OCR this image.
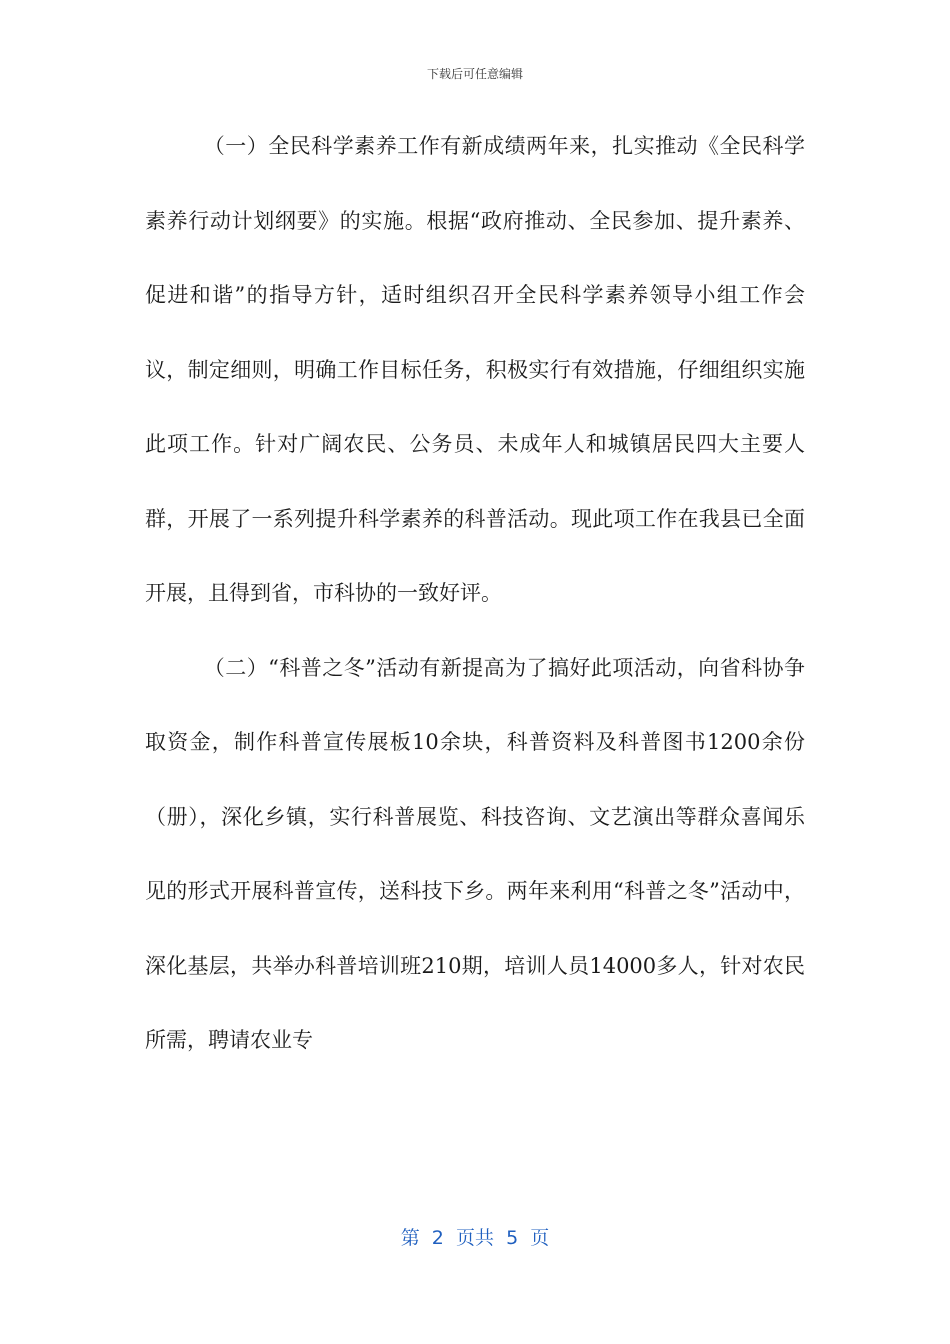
下载后可任意编辑

（一）全民科学素养工作有新成绩两年来，扎实推动《全民科学素养行动计划纲要》的实施。根据“政府推动、全民参加、提升素养、促进和谐”的指导方针，适时组织召开全民科学素养领导小组工作会议，制定细则，明确工作目标任务，积极实行有效措施，仔细组织实施此项工作。针对广阔农民、公务员、未成年人和城镇居民四大主要人群，开展了一系列提升科学素养的科普活动。现此项工作在我县已全面开展，且得到省，市科协的一致好评。

（二）“科普之冬”活动有新提高为了搞好此项活动，向省科协争取资金，制作科普宣传展板10余块，科普资料及科普图书1200余份（册），深化乡镇，实行科普展览、科技咨询、文艺演出等群众喜闻乐见的形式开展科普宣传，送科技下乡。两年来利用“科普之冬”活动中，深化基层，共举办科普培训班210期，培训人员14000多人，针对农民所需，聘请农业专

第 2 页共 5 页
